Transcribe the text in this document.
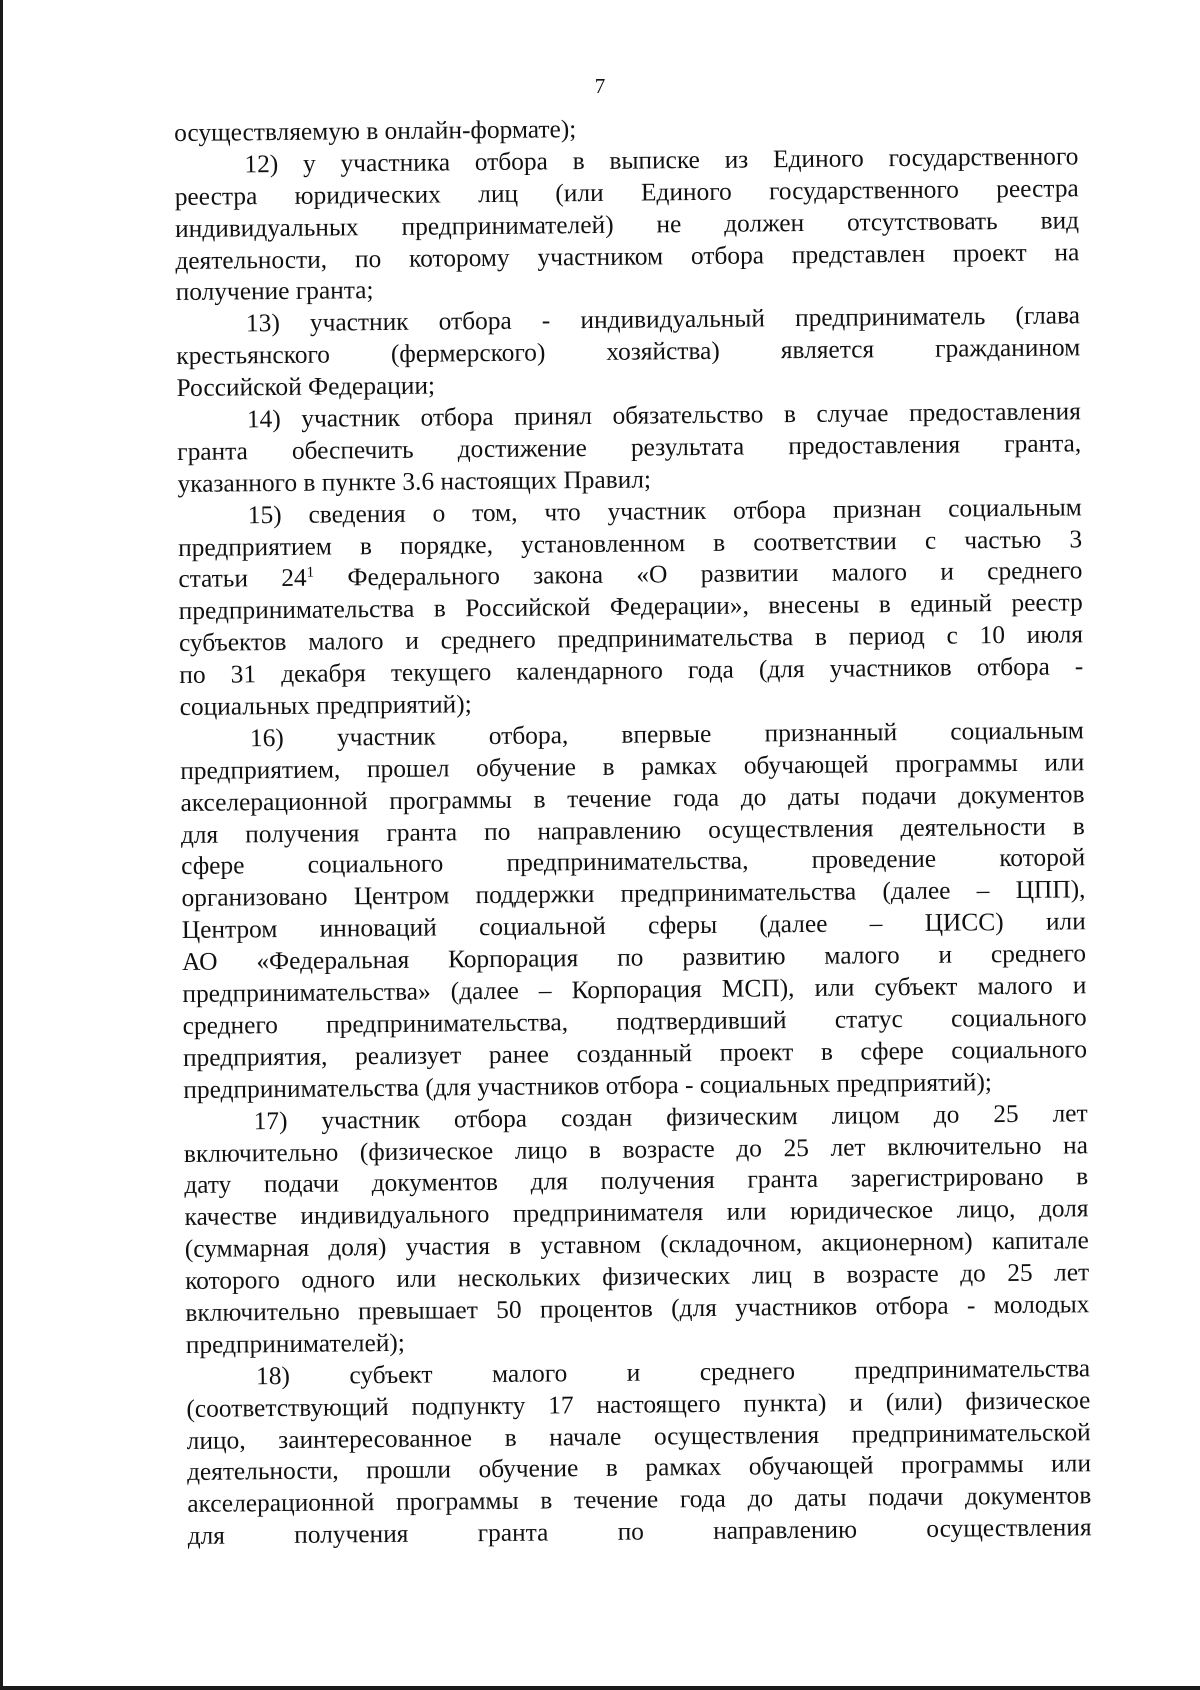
7
осуществляемую в онлайн-формате);
12) у участника отбора в выписке из Единого государственного
реестра юридических лиц (или Единого государственного реестра
индивидуальных предпринимателей) не должен отсутствовать вид
деятельности, по которому участником отбора представлен проект на
получение гранта;
13) участник отбора - индивидуальный предприниматель (глава
крестьянского (фермерского) хозяйства) является гражданином
Российской Федерации;
14) участник отбора принял обязательство в случае предоставления
гранта обеспечить достижение результата предоставления гранта,
указанного в пункте 3.6 настоящих Правил;
15) сведения о том, что участник отбора признан социальным
предприятием в порядке, установленном в соответствии с частью 3
статьи $24^1$ Федерального закона «О развитии малого и среднего
предпринимательства в Российской Федерации», внесены в единый реестр
субъектов малого и среднего предпринимательства в период с 10 июля
по 31 декабря текущего календарного года (для участников отбора -
социальных предприятий);
16) участник отбора, впервые признанный социальным
предприятием, прошел обучение в рамках обучающей программы или
акселерационной программы в течение года до даты подачи документов
для получения гранта по направлению осуществления деятельности в
сфере социального предпринимательства, проведение которой
организовано Центром поддержки предпринимательства (далее – ЦПП),
Центром инноваций социальной сферы (далее – ЦИСС) или
АО «Федеральная Корпорация по развитию малого и среднего
предпринимательства» (далее – Корпорация МСП), или субъект малого и
среднего предпринимательства, подтвердивший статус социального
предприятия, реализует ранее созданный проект в сфере социального
предпринимательства (для участников отбора - социальных предприятий);
17) участник отбора создан физическим лицом до 25 лет
включительно (физическое лицо в возрасте до 25 лет включительно на
дату подачи документов для получения гранта зарегистрировано в
качестве индивидуального предпринимателя или юридическое лицо, доля
(суммарная доля) участия в уставном (складочном, акционерном) капитале
которого одного или нескольких физических лиц в возрасте до 25 лет
включительно превышает 50 процентов (для участников отбора - молодых
предпринимателей);
18) субъект малого и среднего предпринимательства
(соответствующий подпункту 17 настоящего пункта) и (или) физическое
лицо, заинтересованное в начале осуществления предпринимательской
деятельности, прошли обучение в рамках обучающей программы или
акселерационной программы в течение года до даты подачи документов
для получения гранта по направлению осуществления
